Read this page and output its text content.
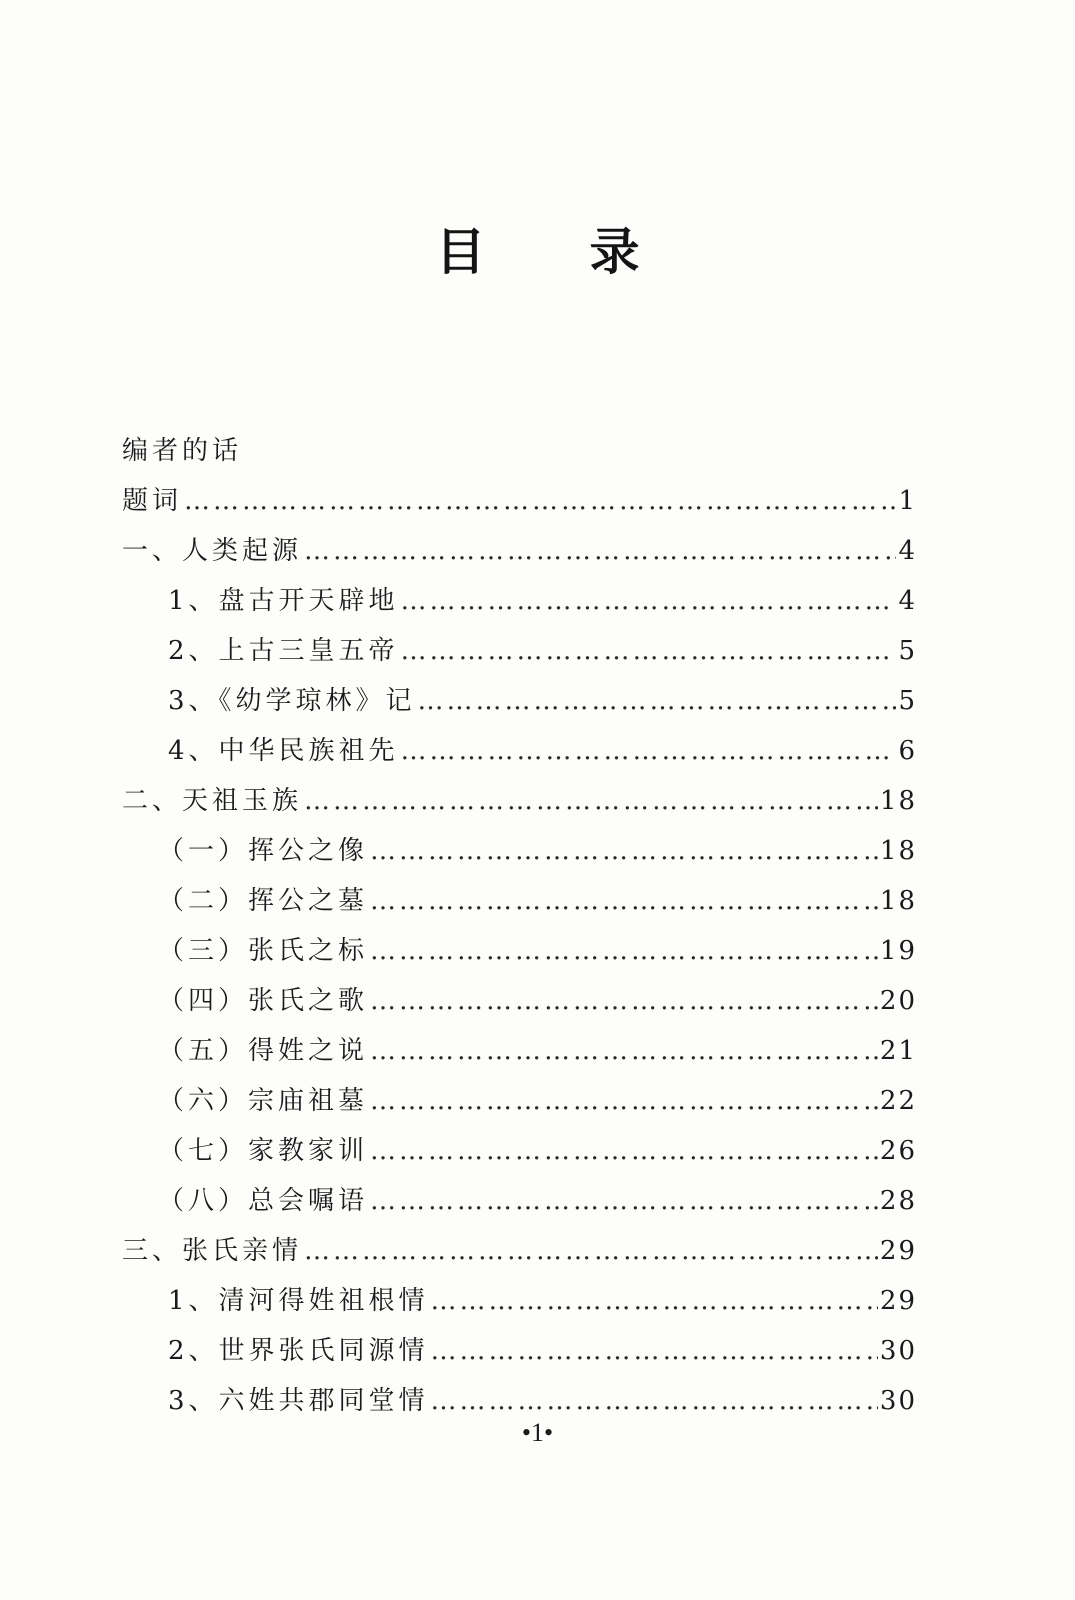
目 录
编者的话
题词 …………………………………………………………………………………………………………………………………………………	1
一、人类起源 …………………………………………………………………………………………………………………………………………………	4
1、盘古开天辟地 …………………………………………………………………………………………………………………………………………………	4
2、上古三皇五帝 …………………………………………………………………………………………………………………………………………………	5
3、《幼学琼林》记 …………………………………………………………………………………………………………………………………………………	5
4、中华民族祖先 …………………………………………………………………………………………………………………………………………………	6
二、天祖玉族 …………………………………………………………………………………………………………………………………………………	18
（一）挥公之像 …………………………………………………………………………………………………………………………………………………	18
（二）挥公之墓 …………………………………………………………………………………………………………………………………………………	18
（三）张氏之标 …………………………………………………………………………………………………………………………………………………	19
（四）张氏之歌 …………………………………………………………………………………………………………………………………………………	20
（五）得姓之说 …………………………………………………………………………………………………………………………………………………	21
（六）宗庙祖墓 …………………………………………………………………………………………………………………………………………………	22
（七）家教家训 …………………………………………………………………………………………………………………………………………………	26
（八）总会嘱语 …………………………………………………………………………………………………………………………………………………	28
三、张氏亲情 …………………………………………………………………………………………………………………………………………………	29
1、清河得姓祖根情 …………………………………………………………………………………………………………………………………………………	29
2、世界张氏同源情 …………………………………………………………………………………………………………………………………………………	30
3、六姓共郡同堂情 …………………………………………………………………………………………………………………………………………………	30
•1•
